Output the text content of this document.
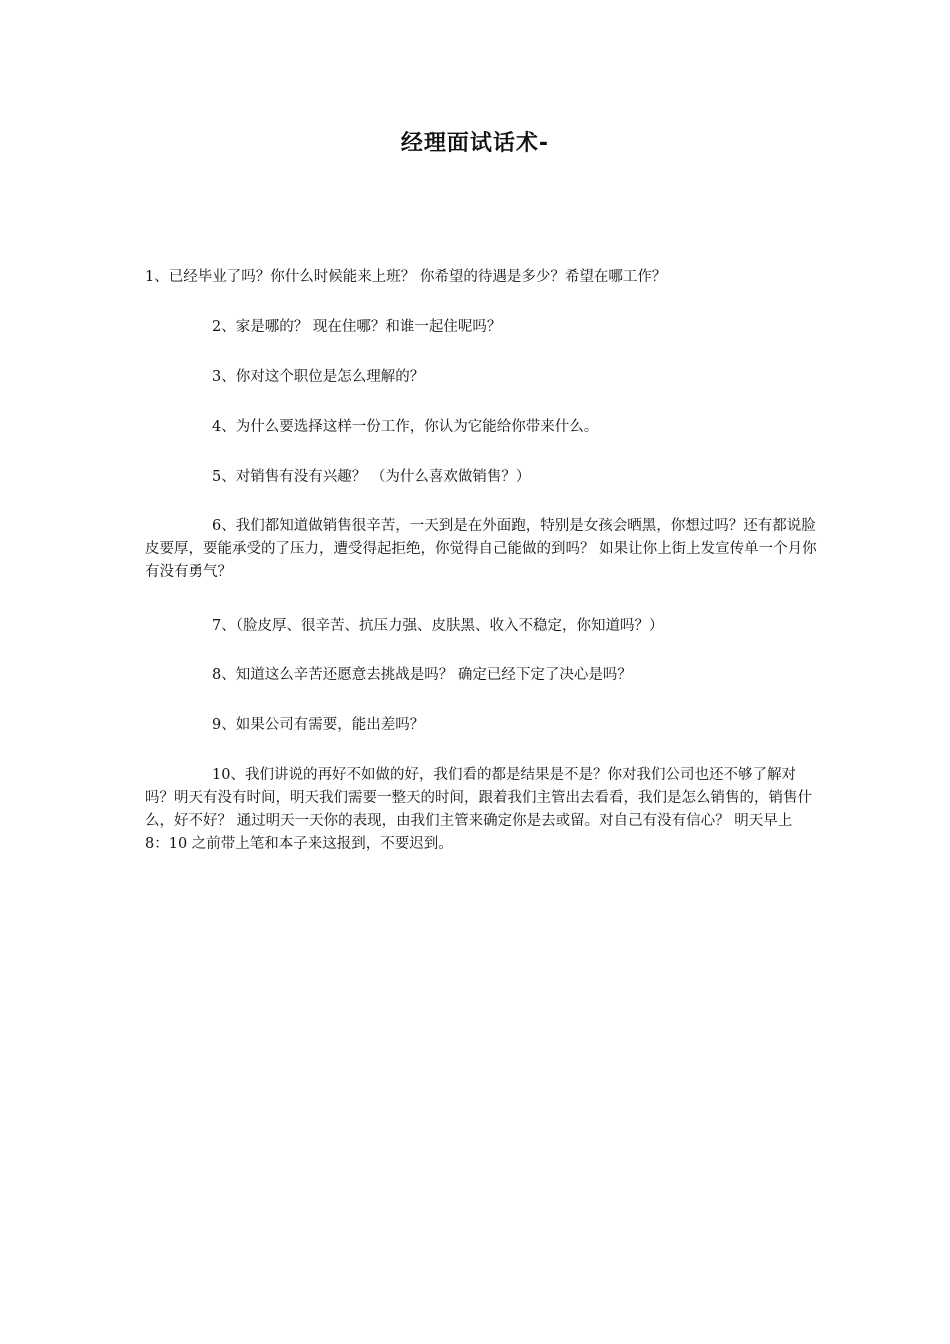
经理面试话术-

1、已经毕业了吗？你什么时候能来上班？ 你希望的待遇是多少？希望在哪工作？

2、家是哪的？ 现在住哪？和谁一起住呢吗？

3、你对这个职位是怎么理解的？

4、为什么要选择这样一份工作，你认为它能给你带来什么。

5、对销售有没有兴趣？ （为什么喜欢做销售？）

6、我们都知道做销售很辛苦，一天到是在外面跑，特别是女孩会晒黑，你想过吗？还有都说脸皮要厚，要能承受的了压力，遭受得起拒绝，你觉得自己能做的到吗？ 如果让你上街上发宣传单一个月你有没有勇气？

7、（脸皮厚、很辛苦、抗压力强、皮肤黑、收入不稳定，你知道吗？）

8、知道这么辛苦还愿意去挑战是吗？ 确定已经下定了决心是吗？

9、如果公司有需要，能出差吗？

10、我们讲说的再好不如做的好，我们看的都是结果是不是？你对我们公司也还不够了解对吗？明天有没有时间，明天我们需要一整天的时间，跟着我们主管出去看看，我们是怎么销售的，销售什么，好不好？ 通过明天一天你的表现，由我们主管来确定你是去或留。对自己有没有信心？ 明天早上 8：10 之前带上笔和本子来这报到，不要迟到。
